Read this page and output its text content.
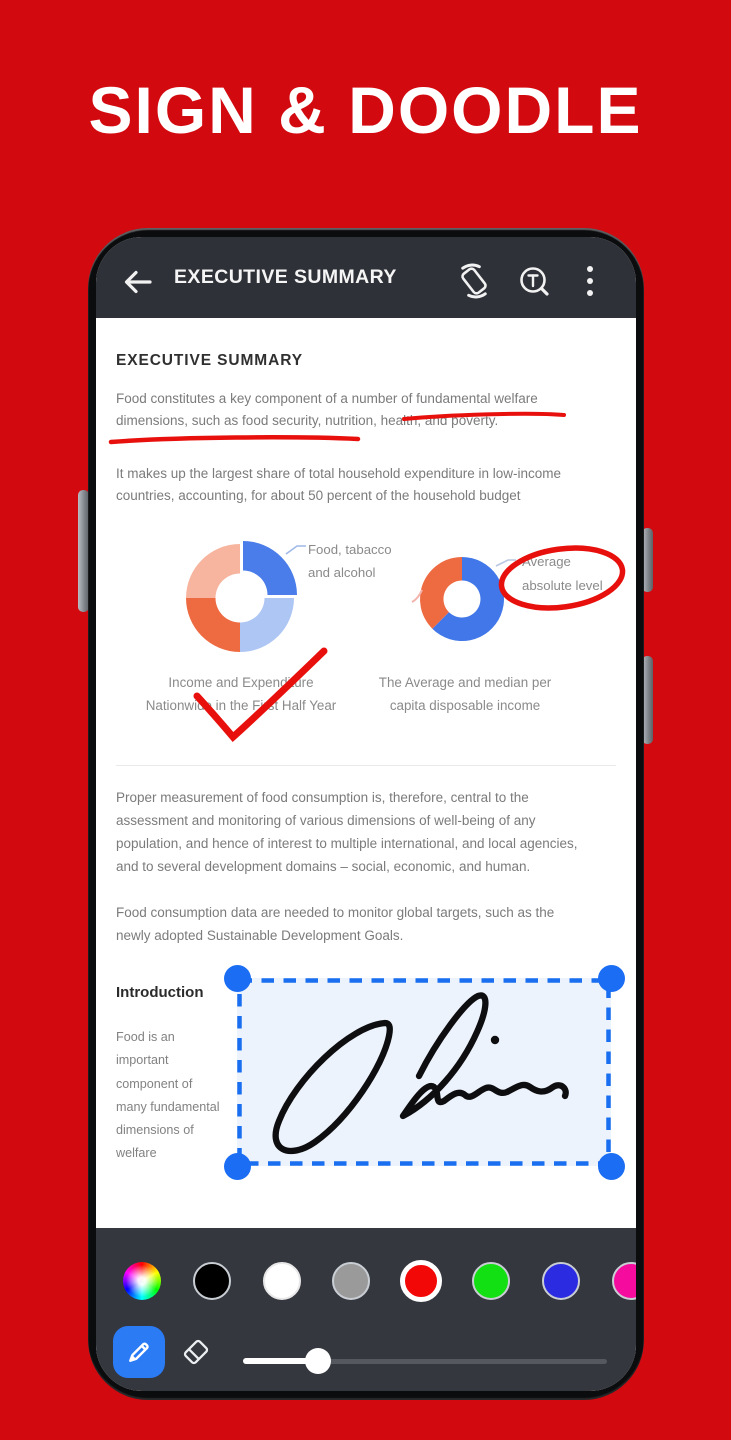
SIGN & DOODLE
EXECUTIVE SUMMARY
EXECUTIVE SUMMARY
Food constitutes a key component of a number of fundamental welfare
dimensions, such as food security, nutrition, health, and poverty.
It makes up the largest share of total household expenditure in low-income
countries, accounting, for about 50 percent of the household budget
Food, tabacco
and alcohol
Average
absolute level
Income and Expenditure
Nationwide in the First Half Year
The Average and median per
capita disposable income
Proper measurement of food consumption is, therefore, central to the
assessment and monitoring of various dimensions of well-being of any
population, and hence of interest to multiple international, and local agencies,
and to several development domains – social, economic, and human.
Food consumption data are needed to monitor global targets, such as the
newly adopted Sustainable Development Goals.
Introduction
Food is an
important
component of
many fundamental
dimensions of
welfare
